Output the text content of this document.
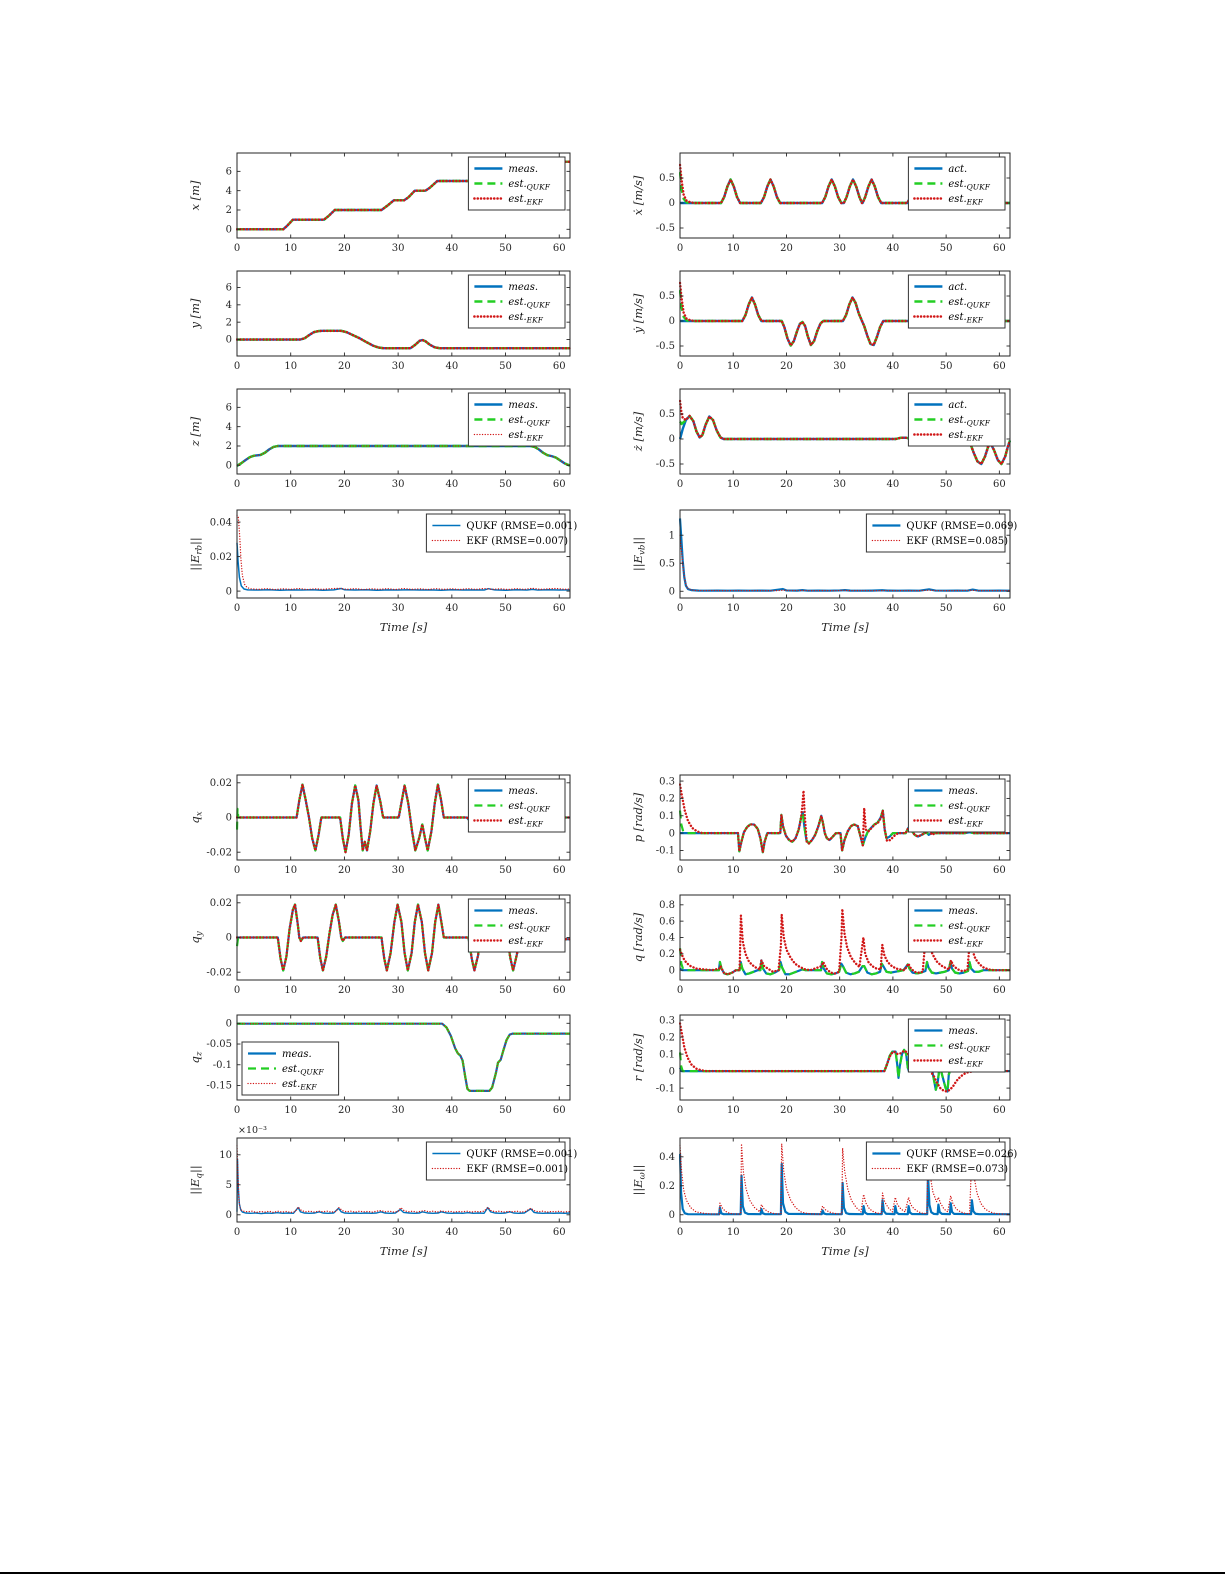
0	10	20	30	40	50	60
0
2
4
6
x [m]
meas.
$est._{QUKF}$
$est._{EKF}$
0	10	20	30	40	50	60
-0.5
0
0.5
ẋ [m/s]
act.
$est._{QUKF}$
$est._{EKF}$
0	10	20	30	40	50	60
0
2
4
6
y [m]
meas.
$est._{QUKF}$
$est._{EKF}$
0	10	20	30	40	50	60
-0.5
0
0.5
ẏ [m/s]
act.
$est._{QUKF}$
$est._{EKF}$
0	10	20	30	40	50	60
0
2
4
6
z [m]
meas.
$est._{QUKF}$
$est._{EKF}$
0	10	20	30	40	50	60
-0.5
0
0.5
ż [m/s]
act.
$est._{QUKF}$
$est._{EKF}$
0	10	20	30	40	50	60
0
0.02
0.04
$||E_{rb}||$
Time [s]
QUKF (RMSE=0.001)
EKF (RMSE=0.007)
0	10	20	30	40	50	60
0
0.5
1
$||E_{vb}||$
Time [s]
QUKF (RMSE=0.069)
EKF (RMSE=0.085)
0	10	20	30	40	50	60
-0.02
0
0.02
$q_x$
meas.
$est._{QUKF}$
$est._{EKF}$
0	10	20	30	40	50	60
-0.1
0
0.1
0.2
0.3
p [rad/s]
meas.
$est._{QUKF}$
$est._{EKF}$
0	10	20	30	40	50	60
-0.02
0
0.02
$q_y$
meas.
$est._{QUKF}$
$est._{EKF}$
0	10	20	30	40	50	60
0
0.2
0.4
0.6
0.8
q [rad/s]
meas.
$est._{QUKF}$
$est._{EKF}$
0	10	20	30	40	50	60
0
-0.05
-0.1
-0.15
$q_z$	meas.
$est._{QUKF}$
$est._{EKF}$
0	10	20	30	40	50	60
-0.1
0
0.1
0.2
0.3
r [rad/s]
meas.
$est._{QUKF}$
$est._{EKF}$
0	10	20	30	40	50	60
0
5
10
×10⁻³
$||E_q||$
Time [s]
QUKF (RMSE=0.001)
EKF (RMSE=0.001)
0	10	20	30	40	50	60
0
0.2
0.4
$||E_\omega||$
Time [s]
QUKF (RMSE=0.026)
EKF (RMSE=0.073)
